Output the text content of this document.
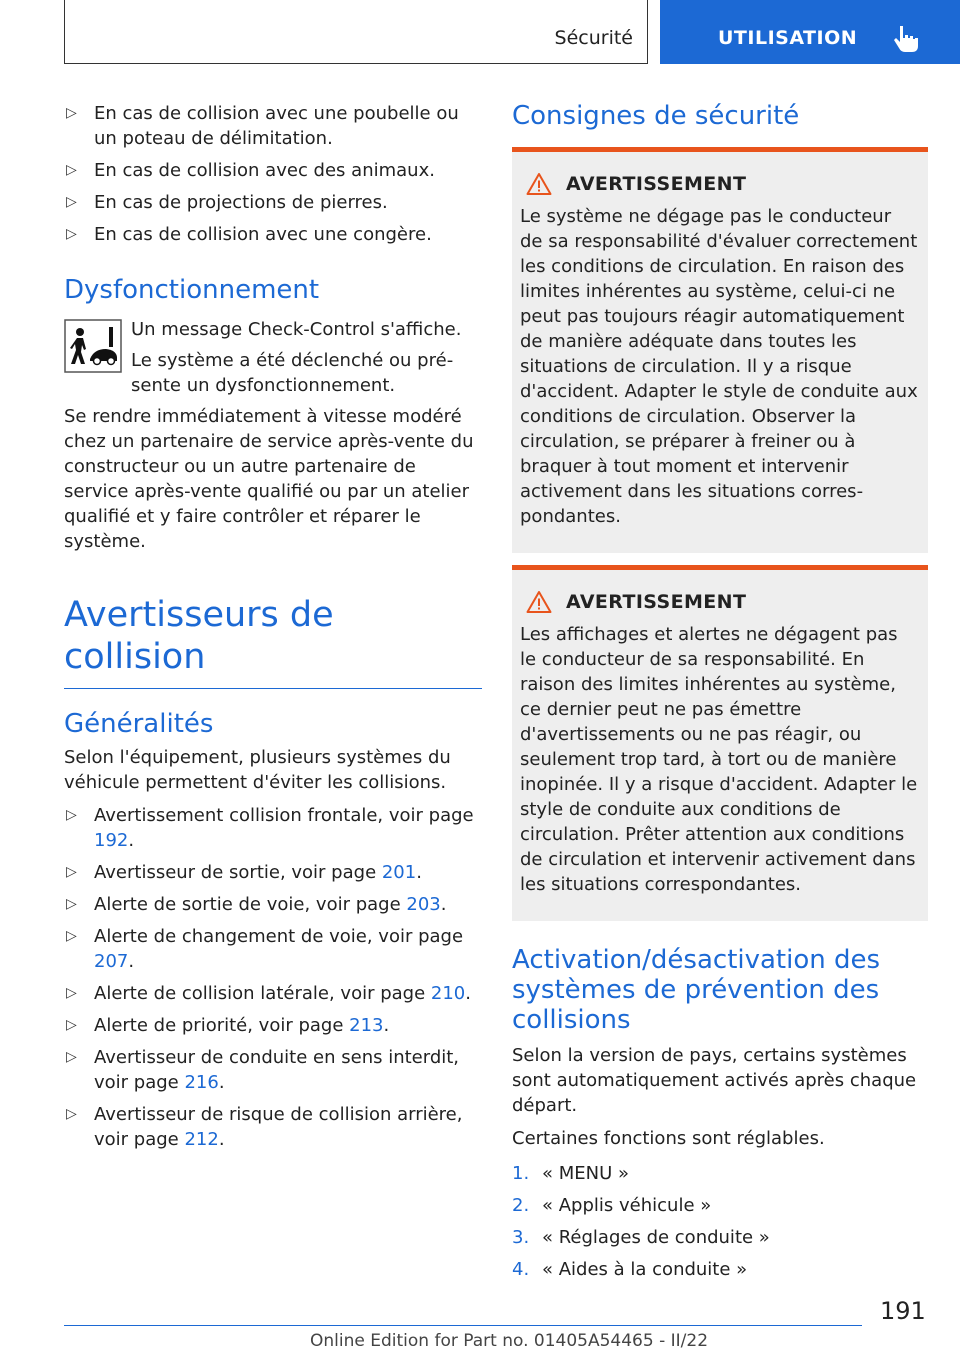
Sécurité	UTILISATION
▷ En cas de collision avec une poubelle ou un poteau de délimitation.
▷ En cas de collision avec des animaux.
▷ En cas de projections de pierres.
▷ En cas de collision avec une congère.
Dysfonctionnement

Un message Check-Control s'affiche.

Le système a été déclenché ou présente un dysfonctionnement.

Se rendre immédiatement à vitesse modéré chez un partenaire de service après-vente du constructeur ou un autre partenaire de service après-vente qualifié ou par un atelier qualifié et y faire contrôler et réparer le système.

Avertisseurs de collision
Généralités

Selon l'équipement, plusieurs systèmes du véhicule permettent d'éviter les collisions.

▷ Avertissement collision frontale, voir page 192.
▷ Avertisseur de sortie, voir page 201.
▷ Alerte de sortie de voie, voir page 203.
▷ Alerte de changement de voie, voir page 207.
▷ Alerte de collision latérale, voir page 210.
▷ Alerte de priorité, voir page 213.
▷ Avertisseur de conduite en sens interdit, voir page 216.
▷ Avertisseur de risque de collision arrière, voir page 212.
Consignes de sécurité
AVERTISSEMENT

Le système ne dégage pas le conducteur de sa responsabilité d'évaluer correctement les conditions de circulation. En raison des limites inhérentes au système, celui-ci ne peut pas toujours réagir automatiquement de manière adéquate dans toutes les situations de circulation. Il y a risque d'accident. Adapter le style de conduite aux conditions de circulation. Observer la circulation, se préparer à freiner ou à braquer à tout moment et intervenir activement dans les situations correspondantes.

AVERTISSEMENT

Les affichages et alertes ne dégagent pas le conducteur de sa responsabilité. En raison des limites inhérentes au système, ce dernier peut ne pas émettre d'avertissements ou ne pas réagir, ou seulement trop tard, à tort ou de manière inopinée. Il y a risque d'accident. Adapter le style de conduite aux conditions de circulation. Prêter attention aux conditions de circulation et intervenir activement dans les situations correspondantes.

Activation/désactivation des systèmes de prévention des collisions

Selon la version de pays, certains systèmes sont automatiquement activés après chaque départ.

Certaines fonctions sont réglables.

1. « MENU »
2. « Applis véhicule »
3. « Réglages de conduite »
4. « Aides à la conduite »
191
Online Edition for Part no. 01405A54465 - II/22
